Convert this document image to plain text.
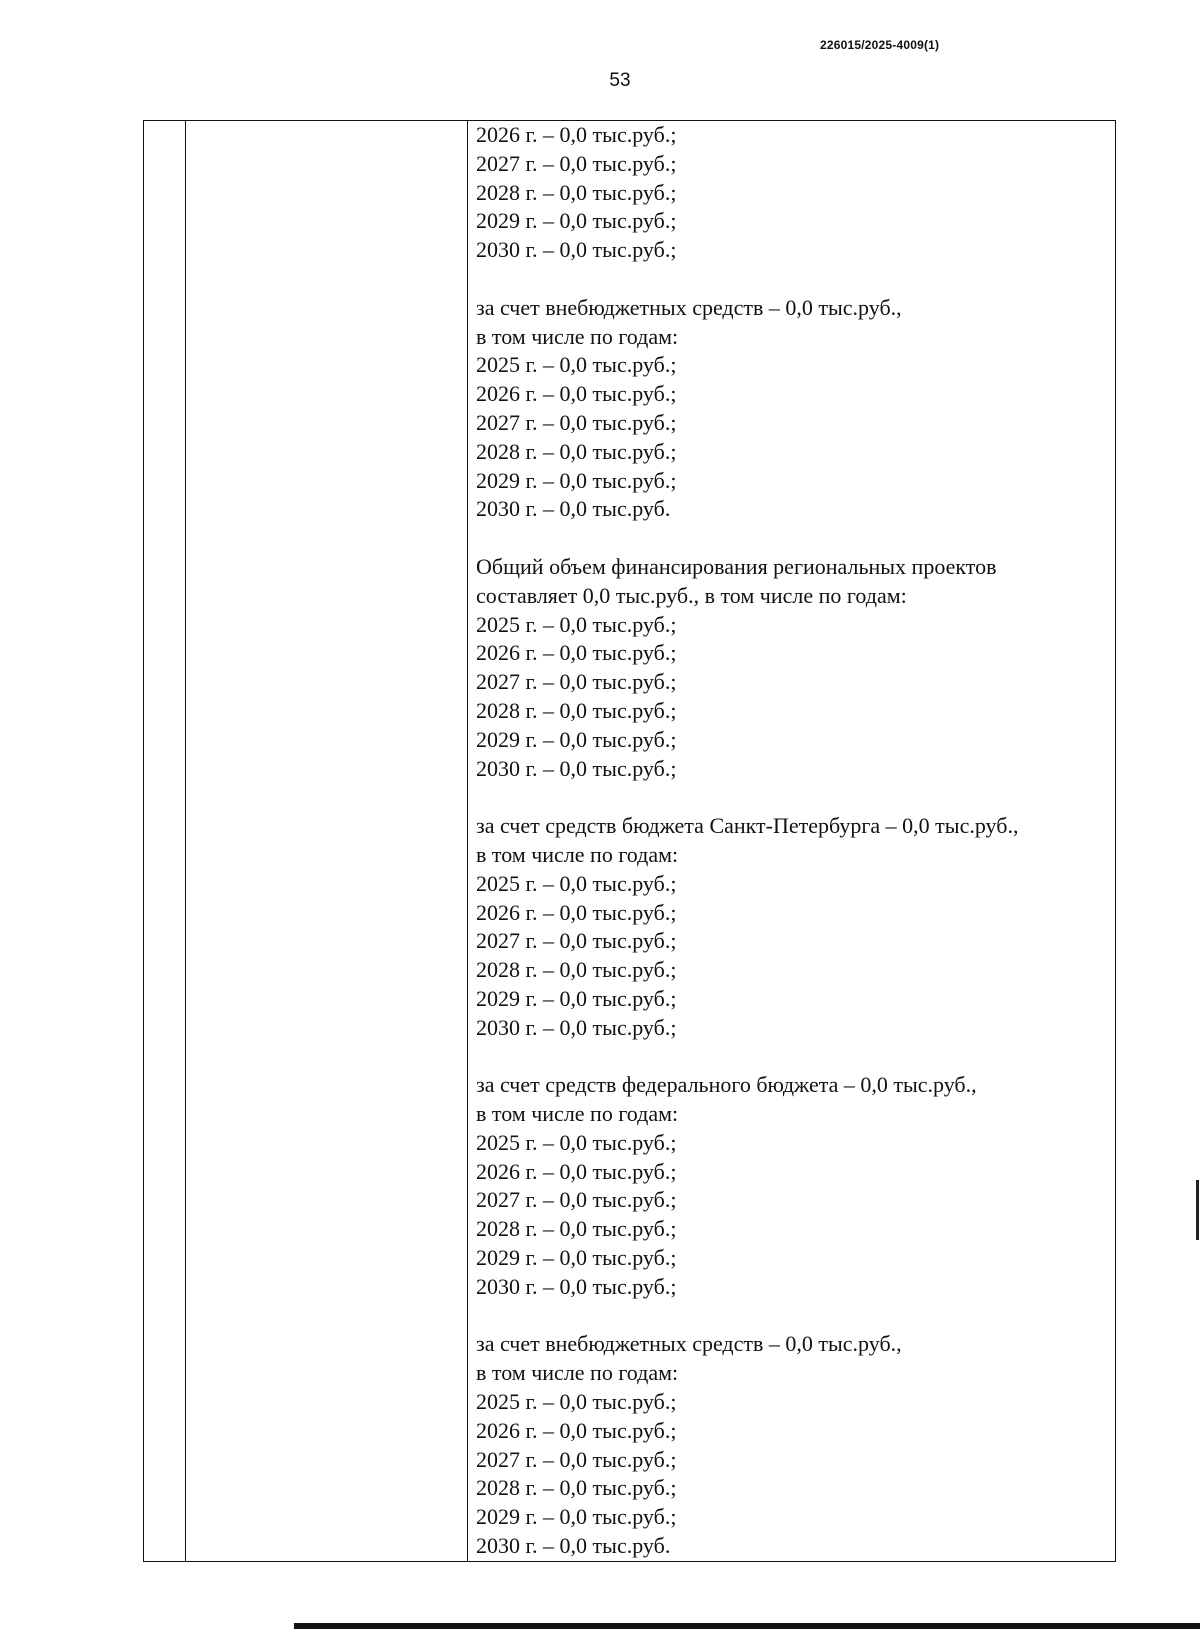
226015/2025-4009(1)
53
2026 г. – 0,0 тыс.руб.;
2027 г. – 0,0 тыс.руб.;
2028 г. – 0,0 тыс.руб.;
2029 г. – 0,0 тыс.руб.;
2030 г. – 0,0 тыс.руб.;
за счет внебюджетных средств – 0,0 тыс.руб.,
в том числе по годам:
2025 г. – 0,0 тыс.руб.;
2026 г. – 0,0 тыс.руб.;
2027 г. – 0,0 тыс.руб.;
2028 г. – 0,0 тыс.руб.;
2029 г. – 0,0 тыс.руб.;
2030 г. – 0,0 тыс.руб.
Общий объем финансирования региональных проектов
составляет 0,0 тыс.руб., в том числе по годам:
2025 г. – 0,0 тыс.руб.;
2026 г. – 0,0 тыс.руб.;
2027 г. – 0,0 тыс.руб.;
2028 г. – 0,0 тыс.руб.;
2029 г. – 0,0 тыс.руб.;
2030 г. – 0,0 тыс.руб.;
за счет средств бюджета Санкт-Петербурга – 0,0 тыс.руб.,
в том числе по годам:
2025 г. – 0,0 тыс.руб.;
2026 г. – 0,0 тыс.руб.;
2027 г. – 0,0 тыс.руб.;
2028 г. – 0,0 тыс.руб.;
2029 г. – 0,0 тыс.руб.;
2030 г. – 0,0 тыс.руб.;
за счет средств федерального бюджета – 0,0 тыс.руб.,
в том числе по годам:
2025 г. – 0,0 тыс.руб.;
2026 г. – 0,0 тыс.руб.;
2027 г. – 0,0 тыс.руб.;
2028 г. – 0,0 тыс.руб.;
2029 г. – 0,0 тыс.руб.;
2030 г. – 0,0 тыс.руб.;
за счет внебюджетных средств – 0,0 тыс.руб.,
в том числе по годам:
2025 г. – 0,0 тыс.руб.;
2026 г. – 0,0 тыс.руб.;
2027 г. – 0,0 тыс.руб.;
2028 г. – 0,0 тыс.руб.;
2029 г. – 0,0 тыс.руб.;
2030 г. – 0,0 тыс.руб.
